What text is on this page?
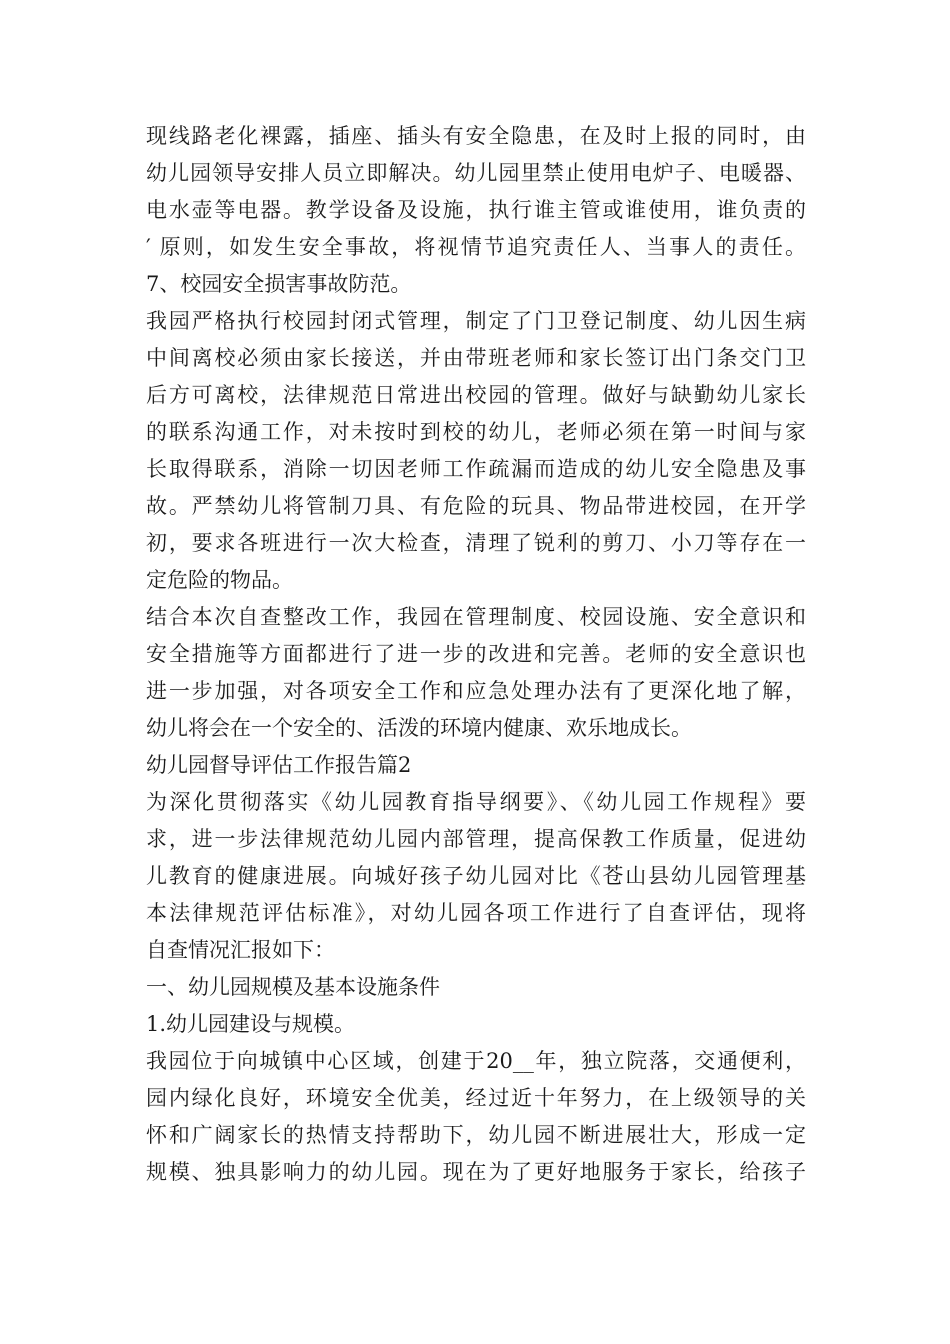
现线路老化裸露，插座、插头有安全隐患，在及时上报的同时，由
幼儿园领导安排人员立即解决。幼儿园里禁止使用电炉子、电暖器、
电水壶等电器。教学设备及设施，执行谁主管或谁使用，谁负责的
′ 原则，如发生安全事故，将视情节追究责任人、当事人的责任。
7、校园安全损害事故防范。
我园严格执行校园封闭式管理，制定了门卫登记制度、幼儿因生病
中间离校必须由家长接送，并由带班老师和家长签订出门条交门卫
后方可离校，法律规范日常进出校园的管理。做好与缺勤幼儿家长
的联系沟通工作，对未按时到校的幼儿，老师必须在第一时间与家
长取得联系，消除一切因老师工作疏漏而造成的幼儿安全隐患及事
故。严禁幼儿将管制刀具、有危险的玩具、物品带进校园，在开学
初，要求各班进行一次大检查，清理了锐利的剪刀、小刀等存在一
定危险的物品。
结合本次自查整改工作，我园在管理制度、校园设施、安全意识和
安全措施等方面都进行了进一步的改进和完善。老师的安全意识也
进一步加强，对各项安全工作和应急处理办法有了更深化地了解，
幼儿将会在一个安全的、活泼的环境内健康、欢乐地成长。
幼儿园督导评估工作报告篇2
为深化贯彻落实《幼儿园教育指导纲要》、《幼儿园工作规程》要
求，进一步法律规范幼儿园内部管理，提高保教工作质量，促进幼
儿教育的健康进展。向城好孩子幼儿园对比《苍山县幼儿园管理基
本法律规范评估标准》，对幼儿园各项工作进行了自查评估，现将
自查情况汇报如下：
一、幼儿园规模及基本设施条件
1.幼儿园建设与规模。
我园位于向城镇中心区域，创建于20__年，独立院落，交通便利，
园内绿化良好，环境安全优美，经过近十年努力，在上级领导的关
怀和广阔家长的热情支持帮助下，幼儿园不断进展壮大，形成一定
规模、独具影响力的幼儿园。现在为了更好地服务于家长，给孩子
